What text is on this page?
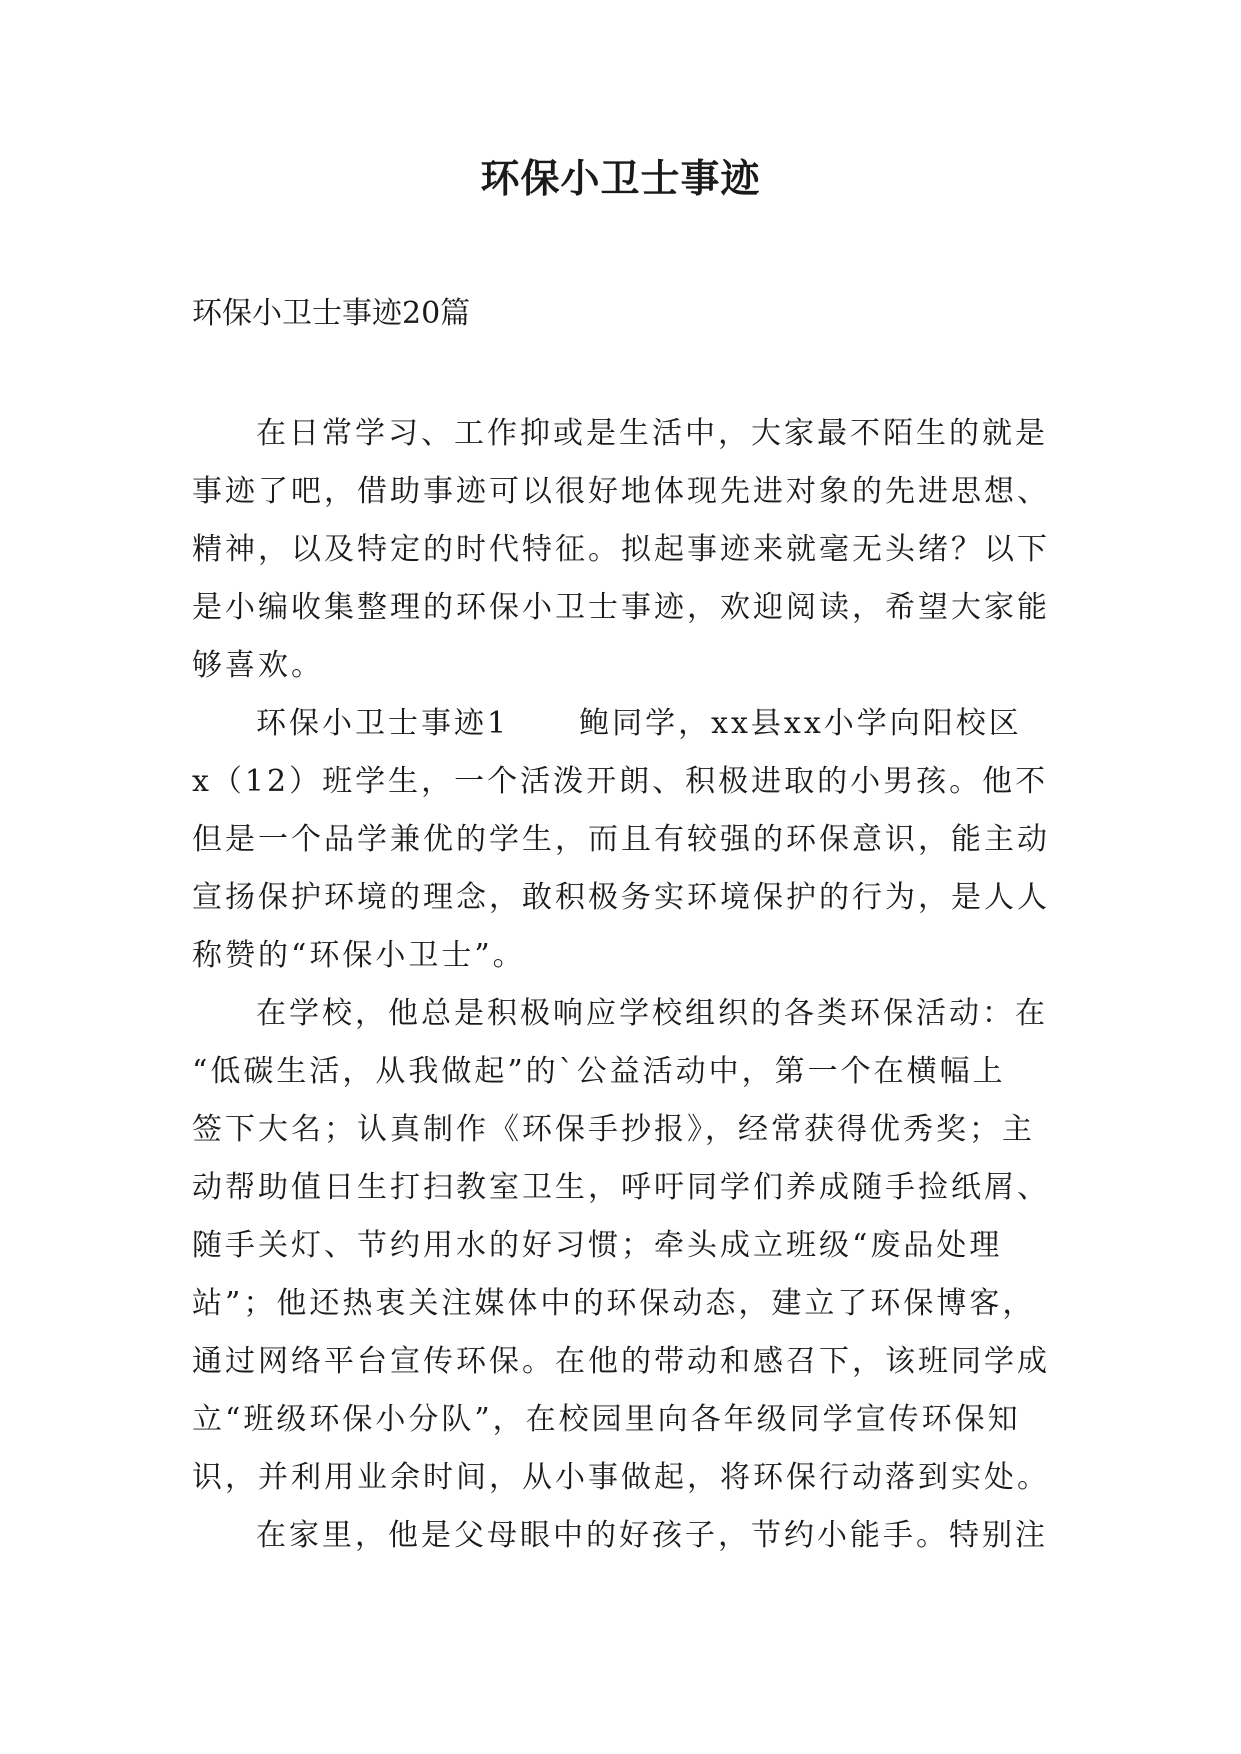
环保小卫士事迹

环保小卫士事迹20篇

在日常学习、工作抑或是生活中，大家最不陌生的就是

事迹了吧，借助事迹可以很好地体现先进对象的先进思想、

精神，以及特定的时代特征。拟起事迹来就毫无头绪？以下

是小编收集整理的环保小卫士事迹，欢迎阅读，希望大家能

够喜欢。

环保小卫士事迹1 鲍同学，xx县xx小学向阳校区

x（12）班学生，一个活泼开朗、积极进取的小男孩。他不

但是一个品学兼优的学生，而且有较强的环保意识，能主动

宣扬保护环境的理念，敢积极务实环境保护的行为，是人人

称赞的“环保小卫士”。

在学校，他总是积极响应学校组织的各类环保活动：在

“低碳生活，从我做起”的`公益活动中，第一个在横幅上

签下大名；认真制作《环保手抄报》，经常获得优秀奖；主

动帮助值日生打扫教室卫生，呼吁同学们养成随手捡纸屑、

随手关灯、节约用水的好习惯；牵头成立班级“废品处理

站”；他还热衷关注媒体中的环保动态，建立了环保博客，

通过网络平台宣传环保。在他的带动和感召下，该班同学成

立“班级环保小分队”，在校园里向各年级同学宣传环保知

识，并利用业余时间，从小事做起，将环保行动落到实处。

在家里，他是父母眼中的好孩子，节约小能手。特别注
